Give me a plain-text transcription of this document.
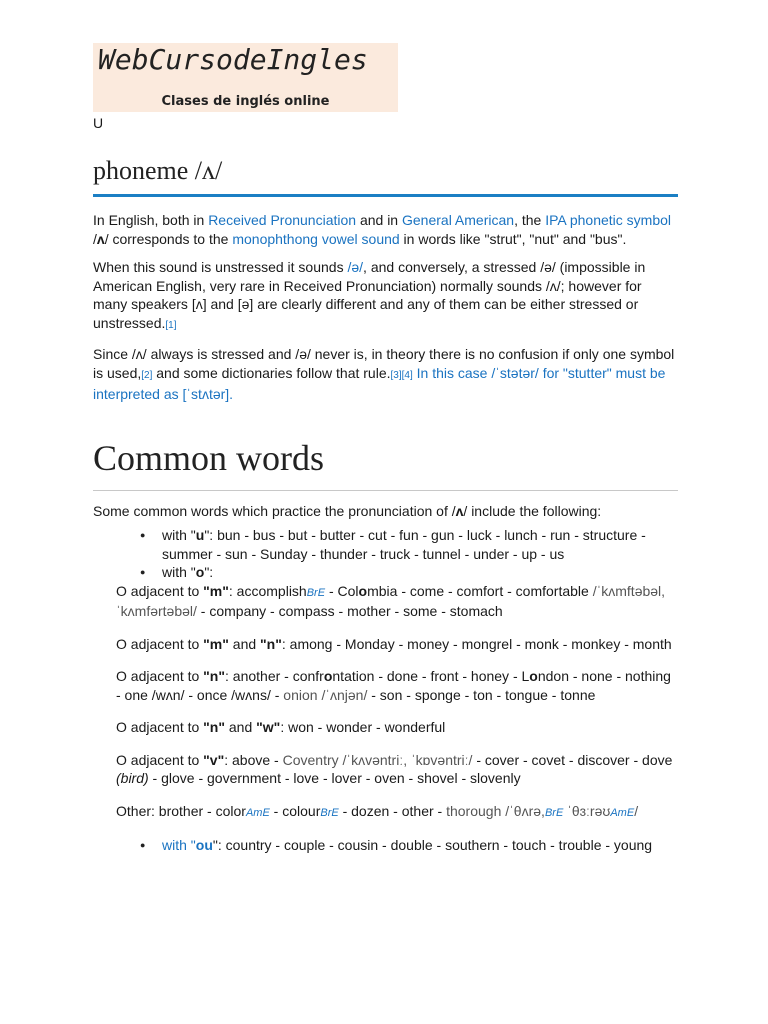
WebCursodeIngles
Clases de inglés online
U
phoneme /ʌ/

In English, both in Received Pronunciation and in General American, the IPA phonetic symbol /ʌ/ corresponds to the monophthong vowel sound in words like "strut", "nut" and "bus".

When this sound is unstressed it sounds /ə/, and conversely, a stressed /ə/ (impossible in American English, very rare in Received Pronunciation) normally sounds /ʌ/; however for many speakers [ʌ] and [ə] are clearly different and any of them can be either stressed or unstressed.[1]

Since /ʌ/ always is stressed and /ə/ never is, in theory there is no confusion if only one symbol is used,[2] and some dictionaries follow that rule.[3][4] In this case /ˈstətər/ for "stutter" must be interpreted as [ˈstʌtər].

Common words

Some common words which practice the pronunciation of /ʌ/ include the following:

● with "u": bun - bus - but - butter - cut - fun - gun - luck - lunch - run - structure - summer - sun - Sunday - thunder - truck - tunnel - under - up - us
● with "o":

O adjacent to "m": accomplishBrE - Colombia - come - comfort - comfortable /ˈkʌmftəbəl, ˈkʌmfərtəbəl/ - company - compass - mother - some - stomach

O adjacent to "m" and "n": among - Monday - money - mongrel - monk - monkey - month

O adjacent to "n": another - confrontation - done - front - honey - London - none - nothing - one /wʌn/ - once /wʌns/ - onion /ˈʌnjən/ - son - sponge - ton - tongue - tonne

O adjacent to "n" and "w": won - wonder - wonderful

O adjacent to "v": above - Coventry /ˈkʌvəntriː, ˈkɒvəntriː/ - cover - covet - discover - dove (bird) - glove - government - love - lover - oven - shovel - slovenly

Other: brother - colorAmE - colourBrE - dozen - other - thorough /ˈθʌrə,BrE ˈθɜːrəʊAmE/

● with "ou": country - couple - cousin - double - southern - touch - trouble - young
